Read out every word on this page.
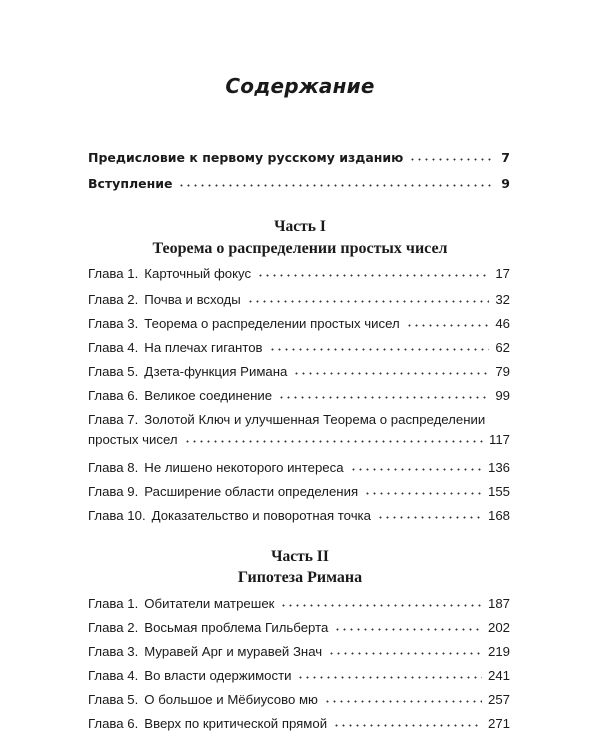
Содержание
Предисловие к первому русскому изданию	7
Вступление	9
Часть I
Теорема о распределении простых чисел
Глава 1. Карточный фокус	17
Глава 2. Почва и всходы	32
Глава 3. Теорема о распределении простых чисел	46
Глава 4. На плечах гигантов	62
Глава 5. Дзета-функция Римана	79
Глава 6. Великое соединение	99
Глава 7. Золотой Ключ и улучшенная Теорема о распределении
простых чисел	117
Глава 8. Не лишено некоторого интереса	136
Глава 9. Расширение области определения	155
Глава 10. Доказательство и поворотная точка	168
Часть II
Гипотеза Римана
Глава 1. Обитатели матрешек	187
Глава 2. Восьмая проблема Гильберта	202
Глава 3. Муравей Арг и муравей Знач	219
Глава 4. Во власти одержимости	241
Глава 5. О большое и Мёбиусово мю	257
Глава 6. Вверх по критической прямой	271
